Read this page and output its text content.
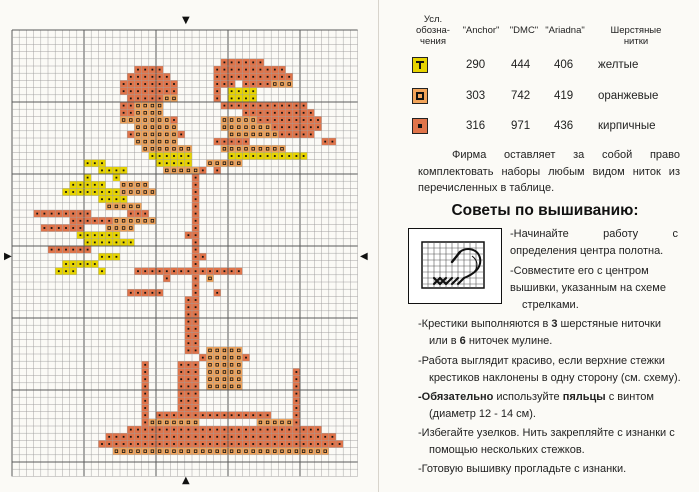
▼
▲
▶	◀
Усл.
обозна-
чения
"Anchor"	"DMC" "Ariadna"	Шерстяные
нитки
290 444 406 желтые
303 742 419 оранжевые
316 971 436 кирпичные
Фирма оставляет за собой право комплектовать наборы любым видом ниток из перечисленных в таблице.
Советы по вышиванию:
-Начинайте работу с
определения центра полотна.
-Совместите его с центром
вышивки, указанным на схеме
стрелками.
-Крестики выполняются в 3 шерстяные ниточки
или в 6 ниточек мулине.
-Работа выглядит красиво, если верхние стежки
крестиков наклонены в одну сторону (см. схему).
-Обязательно используйте пяльцы с винтом
(диаметр 12 - 14 см).
-Избегайте узелков. Нить закрепляйте с изнанки с
помощью нескольких стежков.
-Готовую вышивку прогладьте с изнанки.
